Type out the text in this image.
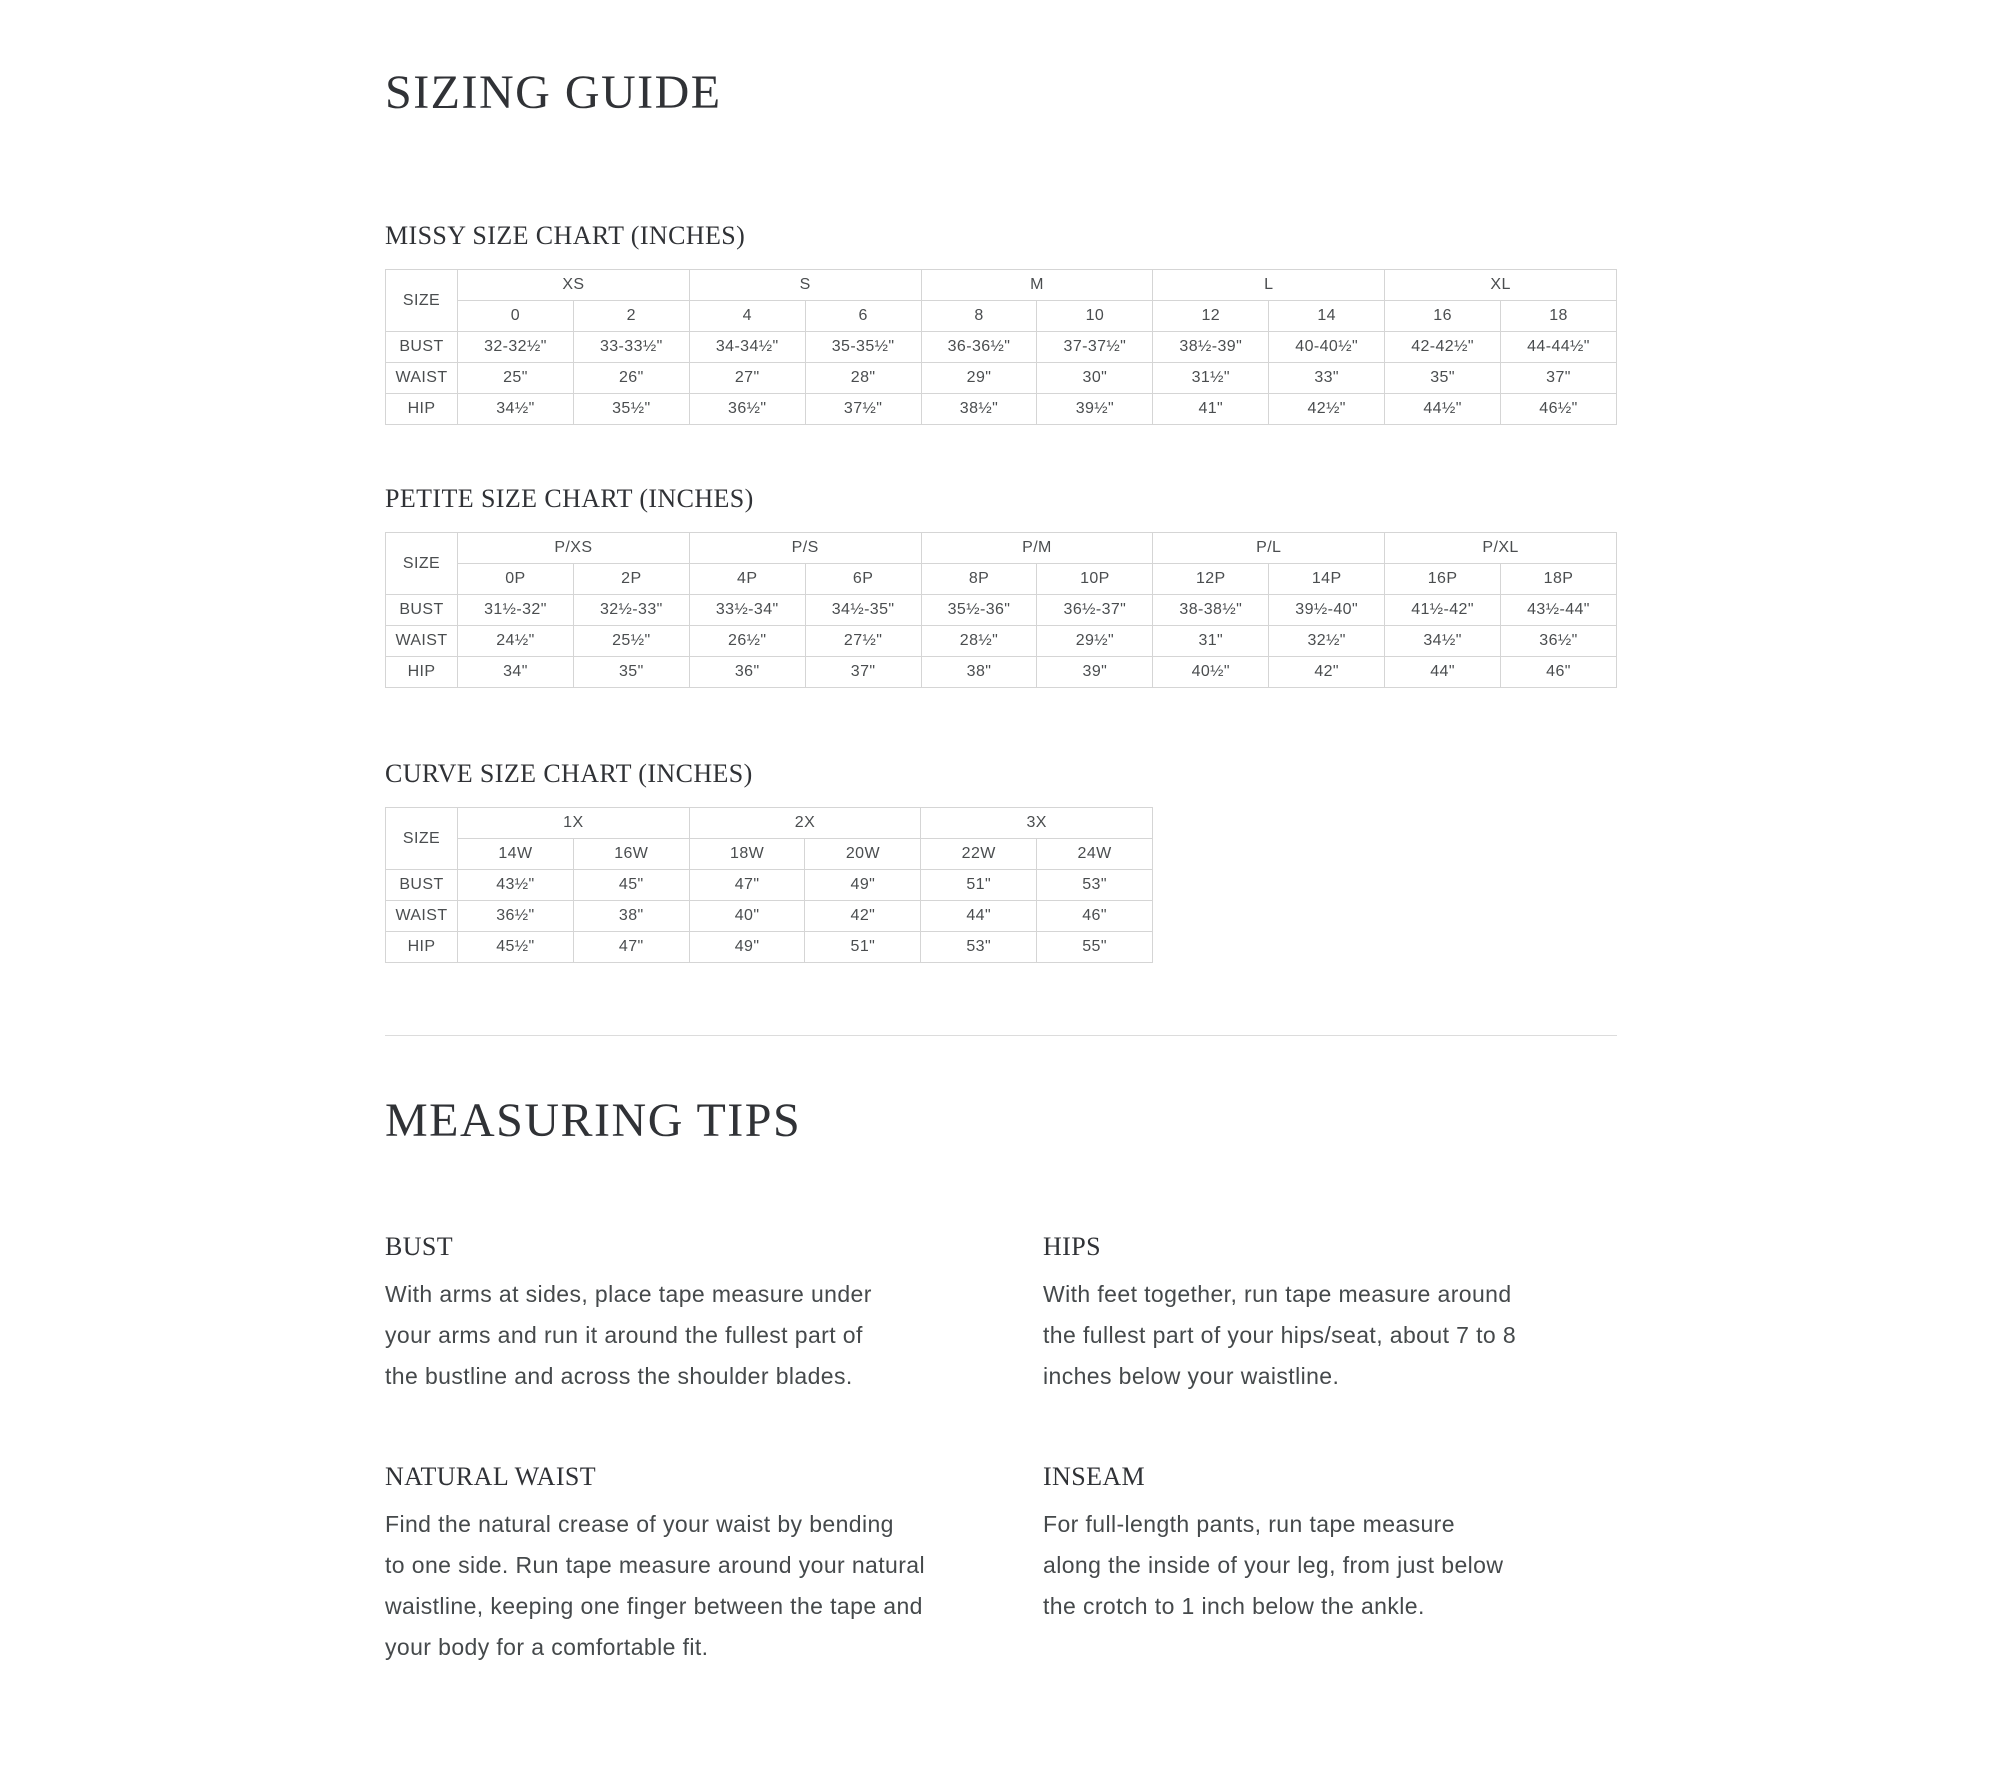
SIZING GUIDE
MISSY SIZE CHART (INCHES)
SIZE	XS		S		M		L		XL	
	0	2	4	6	8	10	12	14	16	18
BUST	32-32½"	33-33½"	34-34½"	35-35½"	36-36½"	37-37½"	38½-39"	40-40½"	42-42½"	44-44½"
WAIST	25"	26"	27"	28"	29"	30"	31½"	33"	35"	37"
HIP	34½"	35½"	36½"	37½"	38½"	39½"	41"	42½"	44½"	46½"
PETITE SIZE CHART (INCHES)
SIZE	P/XS		P/S		P/M		P/L		P/XL	
	0P	2P	4P	6P	8P	10P	12P	14P	16P	18P
BUST	31½-32"	32½-33"	33½-34"	34½-35"	35½-36"	36½-37"	38-38½"	39½-40"	41½-42"	43½-44"
WAIST	24½"	25½"	26½"	27½"	28½"	29½"	31"	32½"	34½"	36½"
HIP	34"	35"	36"	37"	38"	39"	40½"	42"	44"	46"
CURVE SIZE CHART (INCHES)
SIZE	1X		2X		3X	
	14W	16W	18W	20W	22W	24W
BUST	43½"	45"	47"	49"	51"	53"
WAIST	36½"	38"	40"	42"	44"	46"
HIP	45½"	47"	49"	51"	53"	55"
MEASURING TIPS
BUST
With arms at sides, place tape measure under
your arms and run it around the fullest part of
the bustline and across the shoulder blades.
HIPS
With feet together, run tape measure around
the fullest part of your hips/seat, about 7 to 8
inches below your waistline.
NATURAL WAIST
Find the natural crease of your waist by bending
to one side. Run tape measure around your natural
waistline, keeping one finger between the tape and
your body for a comfortable fit.
INSEAM
For full-length pants, run tape measure
along the inside of your leg, from just below
the crotch to 1 inch below the ankle.
